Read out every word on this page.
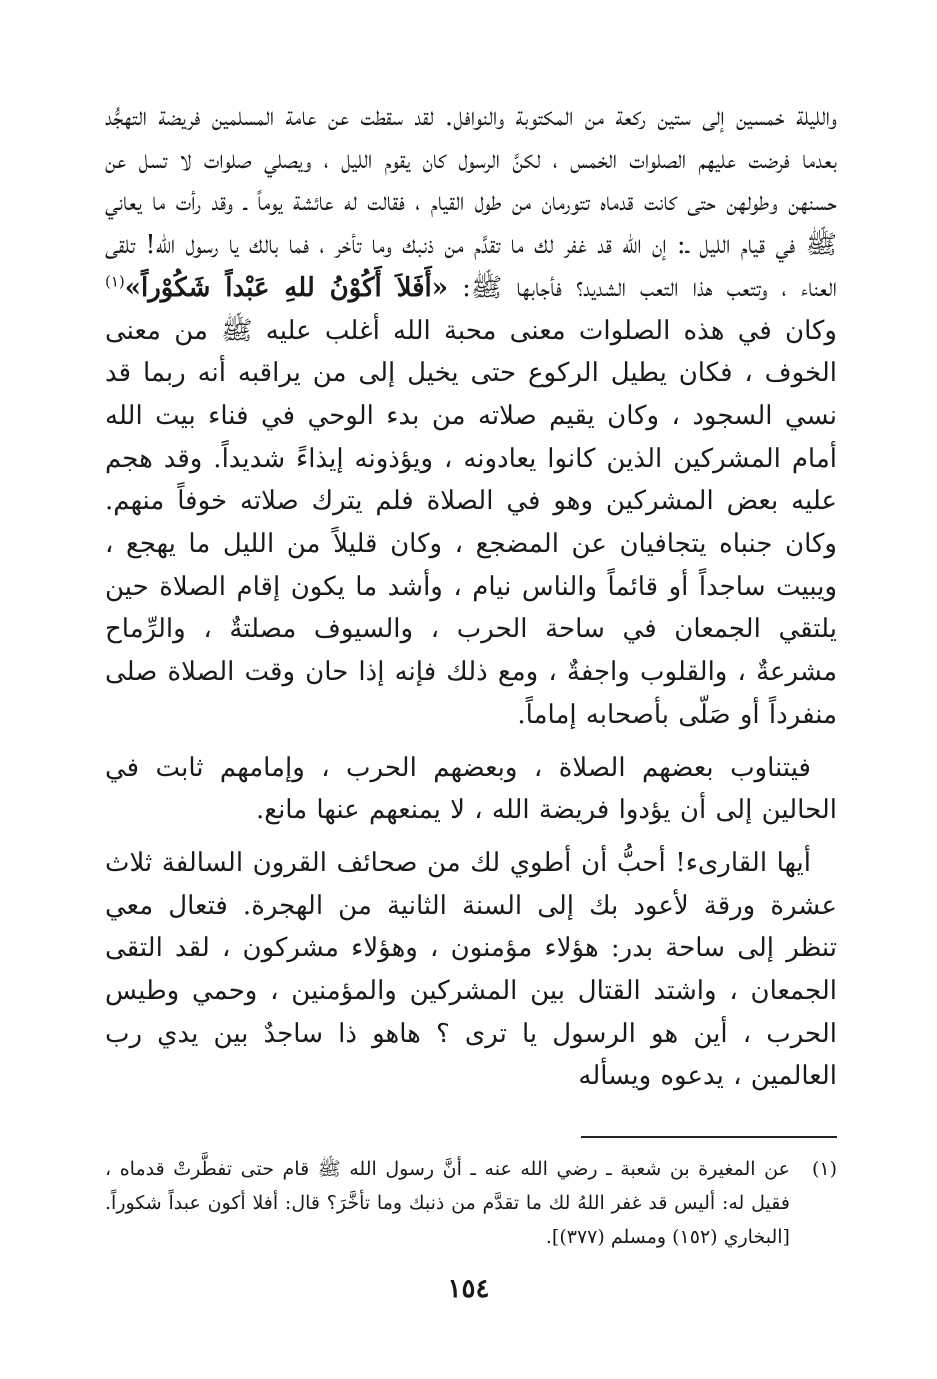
والليلة خمسين إلى ستين ركعة من المكتوبة والنوافل. لقد سقطت عن عامة المسلمين فريضة التهجُّد بعدما فرضت عليهم الصلوات الخمس ، لكنَّ الرسول كان يقوم الليل ، ويصلي صلوات لا تسل عن حسنهن وطولهن حتى كانت قدماه تتورمان من طول القيام ، فقالت له عائشة يوماً ـ وقد رأت ما يعاني ﷺ في قيام الليل ـ: إن الله قد غفر لك ما تقدَّم من ذنبك وما تأخر ، فما بالك يا رسول الله! تلقى العناء ، وتتعب هذا التعب الشديد؟ فأجابها ﷺ: «أَفَلاَ أَكُوْنُ للهِ عَبْداً شَكُوْراً»$^{(١)}$ وكان في هذه الصلوات معنى محبة الله أغلب عليه ﷺ من معنى الخوف ، فكان يطيل الركوع حتى يخيل إلى من يراقبه أنه ربما قد نسي السجود ، وكان يقيم صلاته من بدء الوحي في فناء بيت الله أمام المشركين الذين كانوا يعادونه ، ويؤذونه إيذاءً شديداً. وقد هجم عليه بعض المشركين وهو في الصلاة فلم يترك صلاته خوفاً منهم. وكان جنباه يتجافيان عن المضجع ، وكان قليلاً من الليل ما يهجع ، ويبيت ساجداً أو قائماً والناس نيام ، وأشد ما يكون إقام الصلاة حين يلتقي الجمعان في ساحة الحرب ، والسيوف مصلتةٌ ، والرِّماح مشرعةٌ ، والقلوب واجفةٌ ، ومع ذلك فإنه إذا حان وقت الصلاة صلى منفرداً أو صَلّى بأصحابه إماماً.

فيتناوب بعضهم الصلاة ، وبعضهم الحرب ، وإمامهم ثابت في الحالين إلى أن يؤدوا فريضة الله ، لا يمنعهم عنها مانع.

أيها القارىء! أحبُّ أن أطوي لك من صحائف القرون السالفة ثلاث عشرة ورقة لأعود بك إلى السنة الثانية من الهجرة. فتعال معي تنظر إلى ساحة بدر: هؤلاء مؤمنون ، وهؤلاء مشركون ، لقد التقى الجمعان ، واشتد القتال بين المشركين والمؤمنين ، وحمي وطيس الحرب ، أين هو الرسول يا ترى ؟ هاهو ذا ساجدٌ بين يدي رب العالمين ، يدعوه ويسأله

(١)
عن المغيرة بن شعبة ـ رضي الله عنه ـ أنَّ رسول الله ﷺ قام حتى تفطَّرتْ قدماه ، فقيل له: أليس قد غفر اللهُ لك ما تقدَّم من ذنبك وما تأخَّرَ؟ قال: أفلا أكون عبداً شكوراً. [البخاري (١٥٢) ومسلم (٣٧٧)].
١٥٤
